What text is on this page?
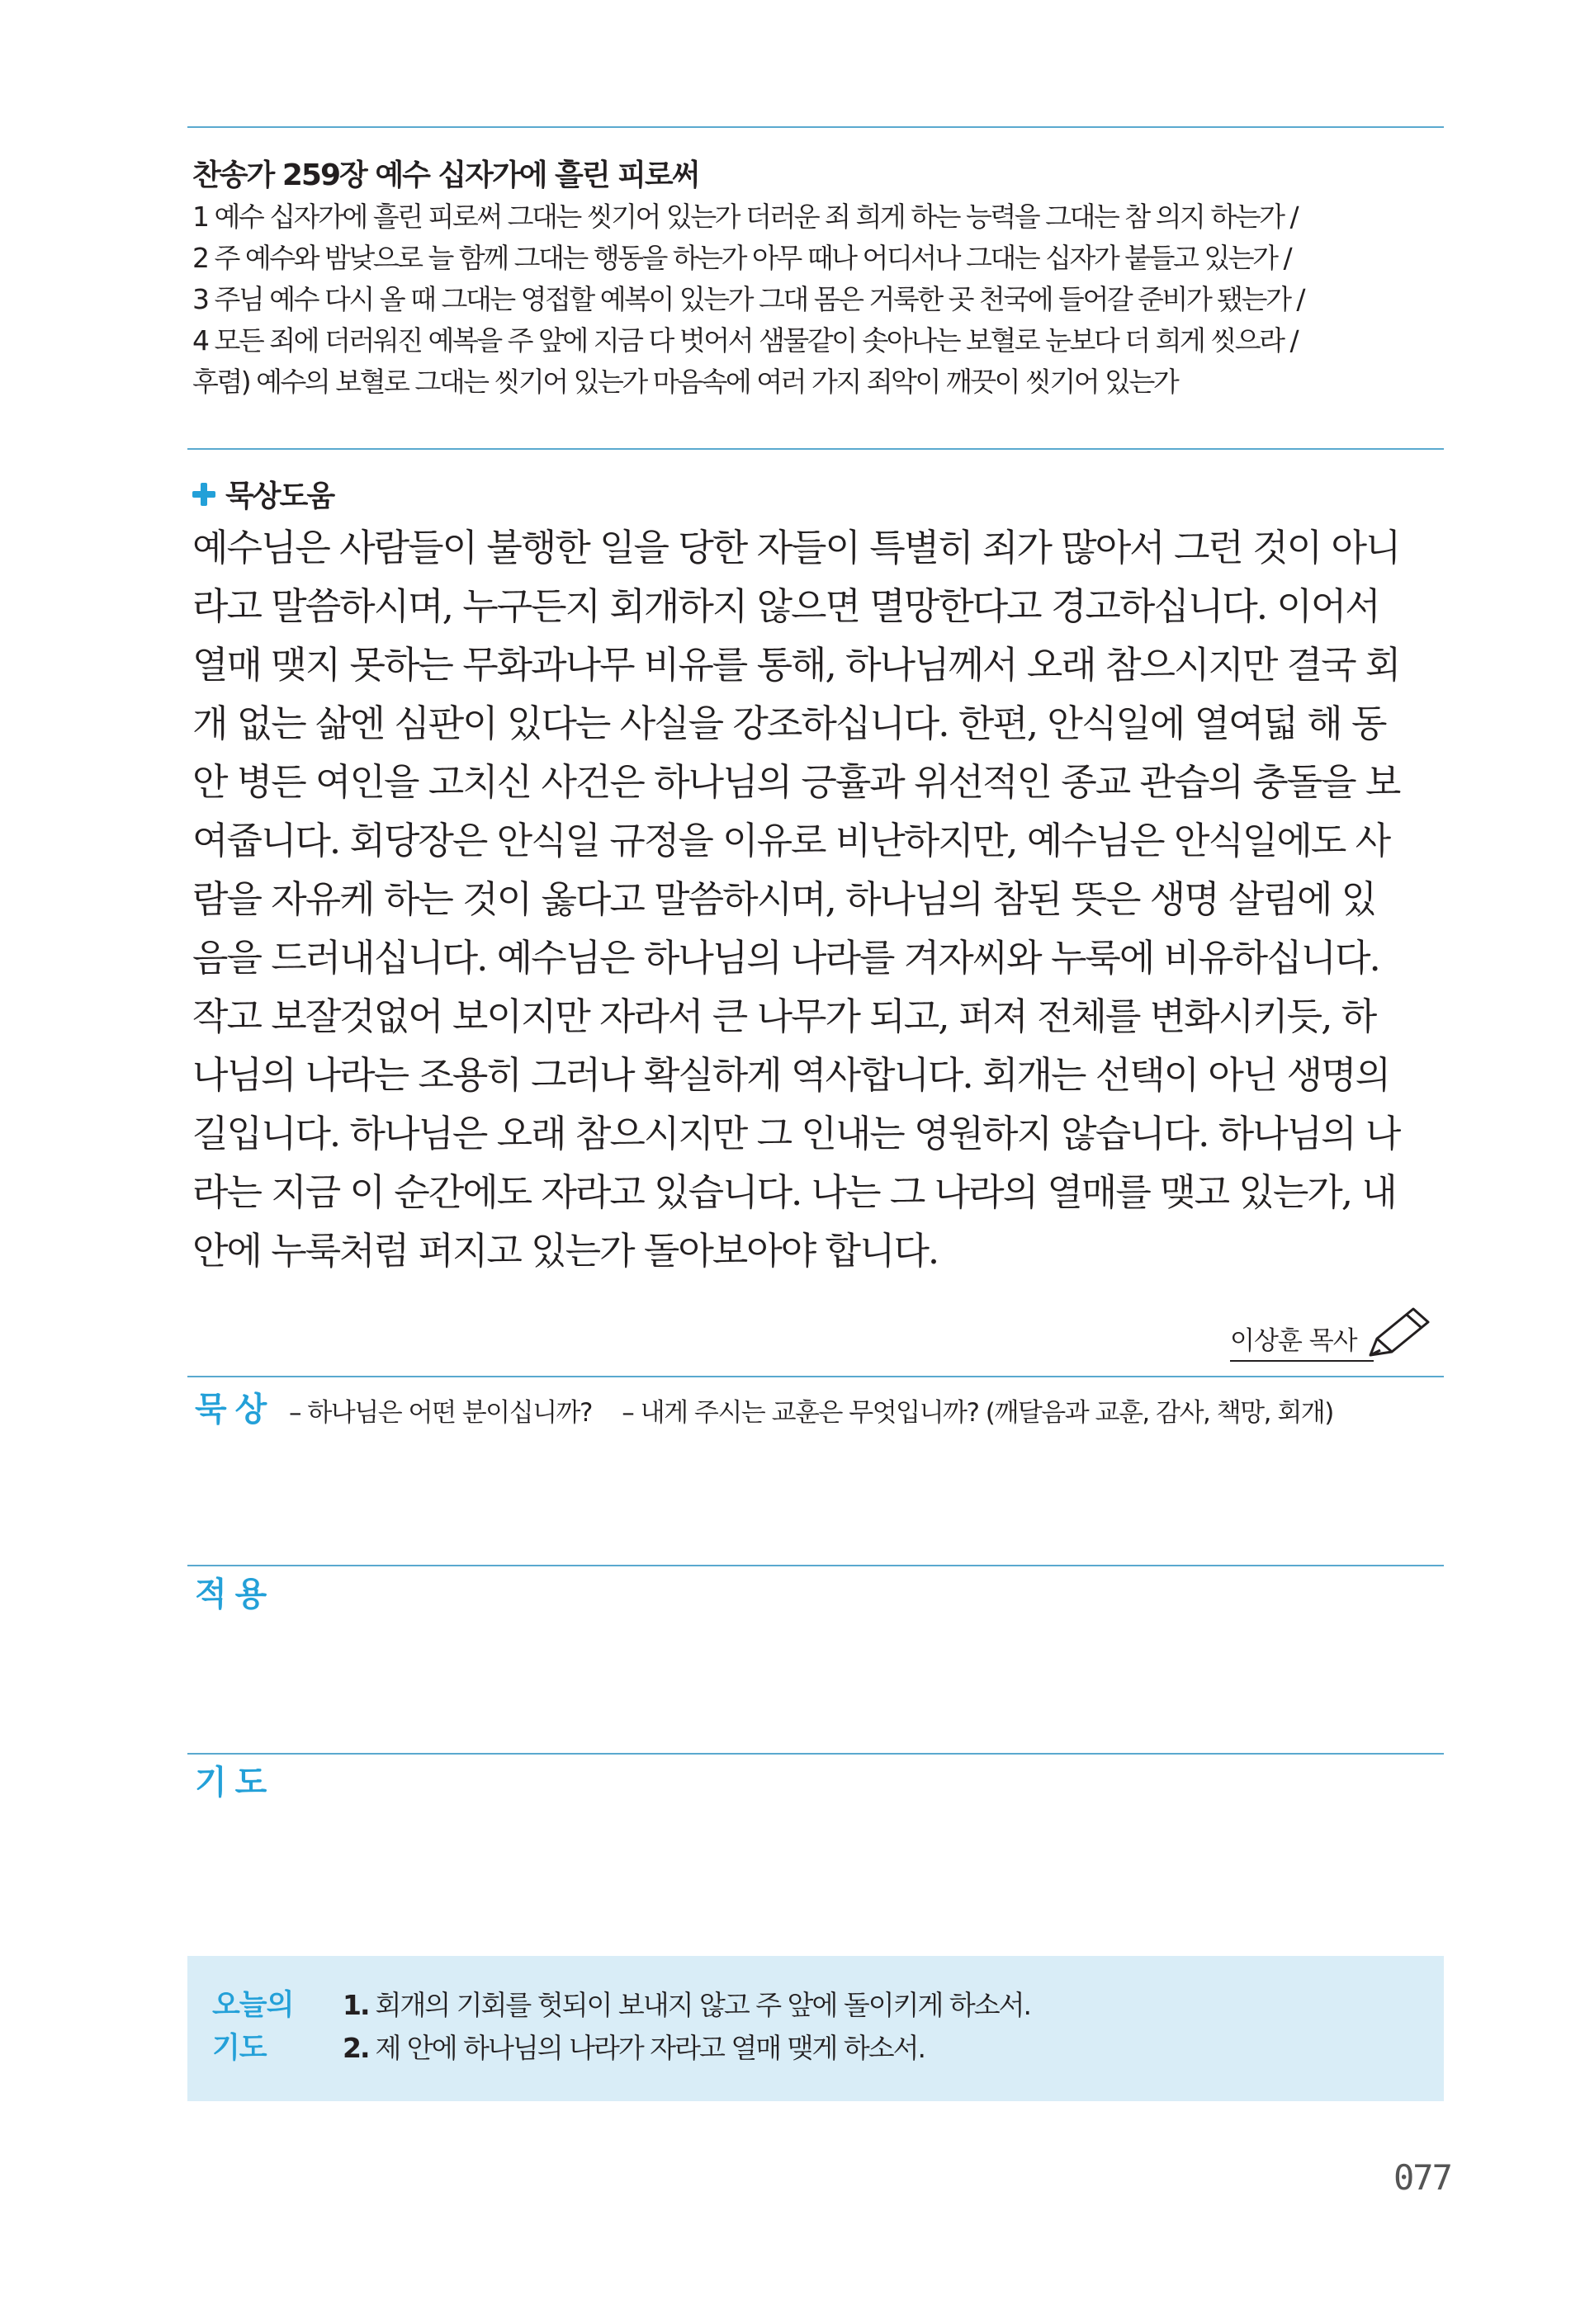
찬송가 259장 예수 십자가에 흘린 피로써
1 예수 십자가에 흘린 피로써 그대는 씻기어 있는가 더러운 죄 희게 하는 능력을 그대는 참 의지 하는가 /
2 주 예수와 밤낮으로 늘 함께 그대는 행동을 하는가 아무 때나 어디서나 그대는 십자가 붙들고 있는가 /
3 주님 예수 다시 올 때 그대는 영접할 예복이 있는가 그대 몸은 거룩한 곳 천국에 들어갈 준비가 됐는가 /
4 모든 죄에 더러워진 예복을 주 앞에 지금 다 벗어서 샘물같이 솟아나는 보혈로 눈보다 더 희게 씻으라 /
후렴) 예수의 보혈로 그대는 씻기어 있는가 마음속에 여러 가지 죄악이 깨끗이 씻기어 있는가
묵상도움
예수님은 사람들이 불행한 일을 당한 자들이 특별히 죄가 많아서 그런 것이 아니
라고 말씀하시며, 누구든지 회개하지 않으면 멸망한다고 경고하십니다. 이어서
열매 맺지 못하는 무화과나무 비유를 통해, 하나님께서 오래 참으시지만 결국 회
개 없는 삶엔 심판이 있다는 사실을 강조하십니다. 한편, 안식일에 열여덟 해 동
안 병든 여인을 고치신 사건은 하나님의 긍휼과 위선적인 종교 관습의 충돌을 보
여줍니다. 회당장은 안식일 규정을 이유로 비난하지만, 예수님은 안식일에도 사
람을 자유케 하는 것이 옳다고 말씀하시며, 하나님의 참된 뜻은 생명 살림에 있
음을 드러내십니다. 예수님은 하나님의 나라를 겨자씨와 누룩에 비유하십니다.
작고 보잘것없어 보이지만 자라서 큰 나무가 되고, 퍼져 전체를 변화시키듯, 하
나님의 나라는 조용히 그러나 확실하게 역사합니다. 회개는 선택이 아닌 생명의
길입니다. 하나님은 오래 참으시지만 그 인내는 영원하지 않습니다. 하나님의 나
라는 지금 이 순간에도 자라고 있습니다. 나는 그 나라의 열매를 맺고 있는가, 내
안에 누룩처럼 퍼지고 있는가 돌아보아야 합니다.
이상훈 목사
묵상 – 하나님은 어떤 분이십니까? – 내게 주시는 교훈은 무엇입니까? (깨달음과 교훈, 감사, 책망, 회개)
적용
기도
오늘의
기도
1. 회개의 기회를 헛되이 보내지 않고 주 앞에 돌이키게 하소서.
2. 제 안에 하나님의 나라가 자라고 열매 맺게 하소서.
077
